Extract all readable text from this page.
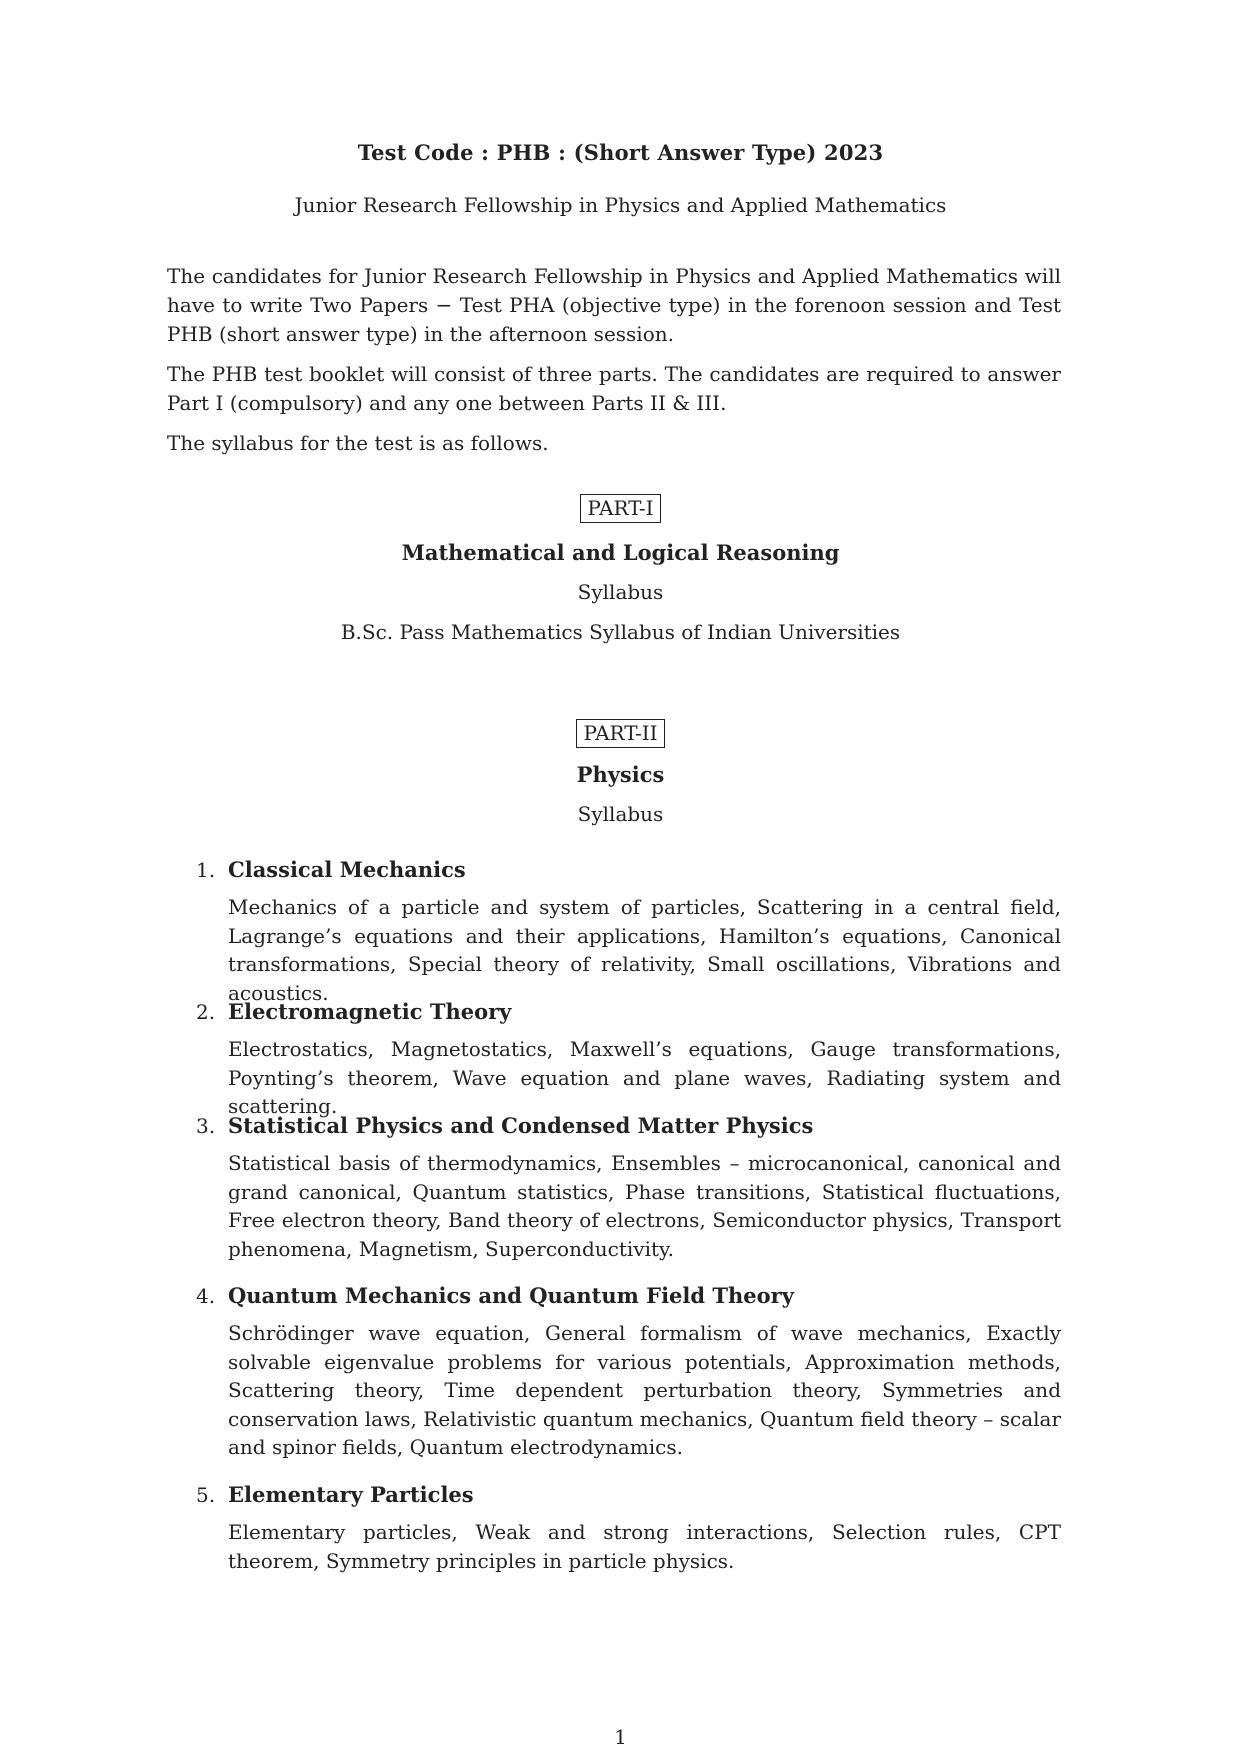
Test Code : PHB : (Short Answer Type) 2023
Junior Research Fellowship in Physics and Applied Mathematics

The candidates for Junior Research Fellowship in Physics and Applied Mathematics will have to write Two Papers − Test PHA (objective type) in the forenoon session and Test PHB (short answer type) in the afternoon session.

The PHB test booklet will consist of three parts. The candidates are required to answer Part I (compulsory) and any one between Parts II & III.

The syllabus for the test is as follows.

PART-I
Mathematical and Logical Reasoning
Syllabus
B.Sc. Pass Mathematics Syllabus of Indian Universities
PART-II
Physics
Syllabus
1. Classical Mechanics
Mechanics of a particle and system of particles, Scattering in a central field, Lagrange’s equations and their applications, Hamilton’s equations, Canonical transformations, Special theory of relativity, Small oscillations, Vibrations and acoustics.
2. Electromagnetic Theory
Electrostatics, Magnetostatics, Maxwell’s equations, Gauge transformations, Poynting’s theorem, Wave equation and plane waves, Radiating system and scattering.
3. Statistical Physics and Condensed Matter Physics
Statistical basis of thermodynamics, Ensembles – microcanonical, canonical and grand canonical, Quantum statistics, Phase transitions, Statistical fluctuations, Free electron theory, Band theory of electrons, Semiconductor physics, Transport phenomena, Magnetism, Superconductivity.
4. Quantum Mechanics and Quantum Field Theory
Schrödinger wave equation, General formalism of wave mechanics, Exactly solvable eigenvalue problems for various potentials, Approximation methods, Scattering theory, Time dependent perturbation theory, Symmetries and conservation laws, Relativistic quantum mechanics, Quantum field theory – scalar and spinor fields, Quantum electrodynamics.
5. Elementary Particles
Elementary particles, Weak and strong interactions, Selection rules, CPT theorem, Symmetry principles in particle physics.
1
